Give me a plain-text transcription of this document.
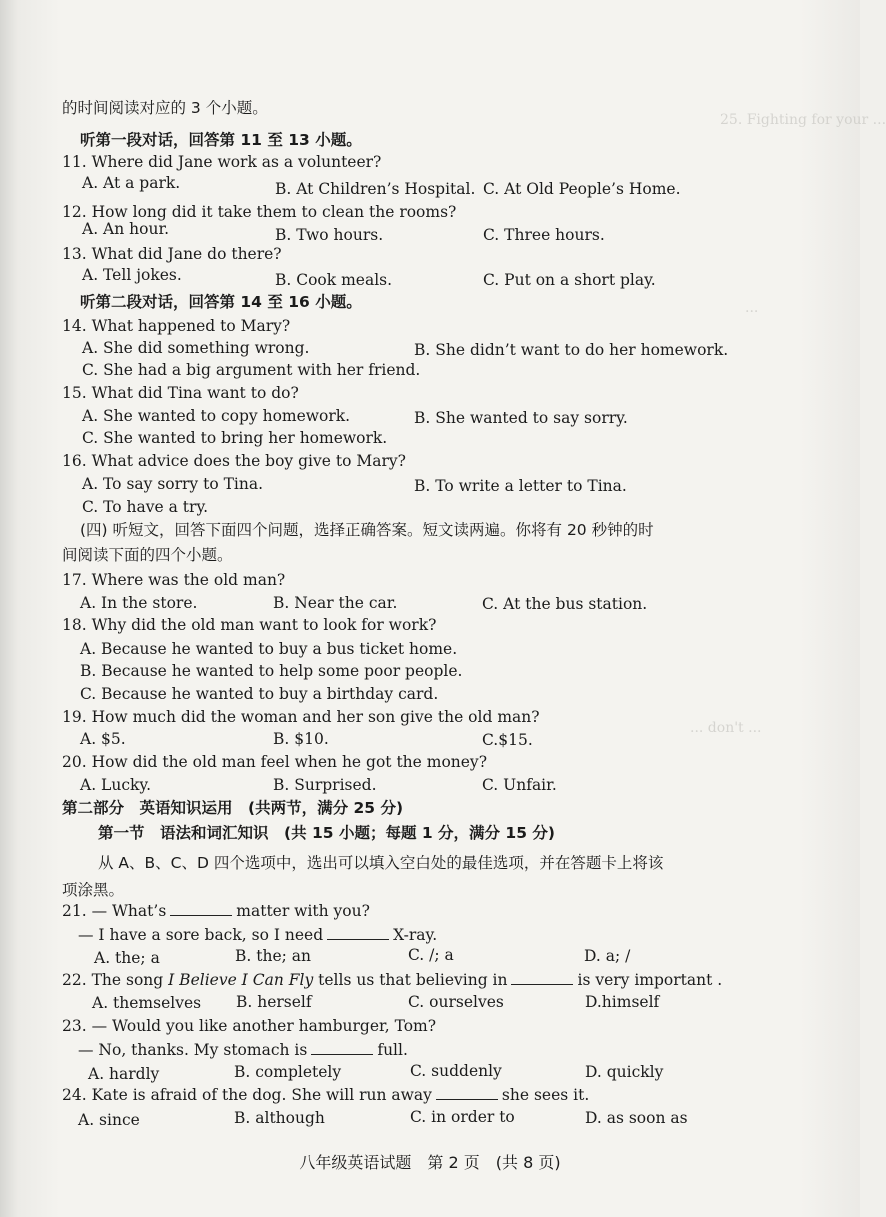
25. Fighting for your ...
...
... don't ...
的时间阅读对应的 3 个小题。
听第一段对话，回答第 11 至 13 小题。
11. Where did Jane work as a volunteer?
A. At a park.	B. At Children’s Hospital. C. At Old People’s Home.
12. How long did it take them to clean the rooms?
A. An hour.	B. Two hours.	C. Three hours.
13. What did Jane do there?
A. Tell jokes.	B. Cook meals.	C. Put on a short play.
听第二段对话，回答第 14 至 16 小题。
14. What happened to Mary?
A. She did something wrong.	B. She didn’t want to do her homework.
C. She had a big argument with her friend.
15. What did Tina want to do?
A. She wanted to copy homework.	B. She wanted to say sorry.
C. She wanted to bring her homework.
16. What advice does the boy give to Mary?
A. To say sorry to Tina.	B. To write a letter to Tina.
C. To have a try.
(四) 听短文，回答下面四个问题，选择正确答案。短文读两遍。你将有 20 秒钟的时
间阅读下面的四个小题。
17. Where was the old man?
A. In the store.	B. Near the car.	C. At the bus station.
18. Why did the old man want to look for work?
A. Because he wanted to buy a bus ticket home.
B. Because he wanted to help some poor people.
C. Because he wanted to buy a birthday card.
19. How much did the woman and her son give the old man?
A. $5.	B. $10.	C.$15.
20. How did the old man feel when he got the money?
A. Lucky.	B. Surprised.	C. Unfair.
第二部分　英语知识运用　(共两节，满分 25 分)
第一节　语法和词汇知识　(共 15 小题；每题 1 分，满分 15 分)
从 A、B、C、D 四个选项中，选出可以填入空白处的最佳选项，并在答题卡上将该
项涂黑。
21. — What’s	matter with you?
— I have a sore back, so I need	X-ray.
A. the; a	B. the; an	C. /; a	D. a; /
22. The song I Believe I Can Fly tells us that believing in	is very important .
A. themselves B. herself	C. ourselves	D.himself
23. — Would you like another hamburger, Tom?
— No, thanks. My stomach is	full.
A. hardly	B. completely	C. suddenly	D. quickly
24. Kate is afraid of the dog. She will run away	she sees it.
A. since	B. although	C. in order to	D. as soon as
八年级英语试题　第 2 页　(共 8 页)
